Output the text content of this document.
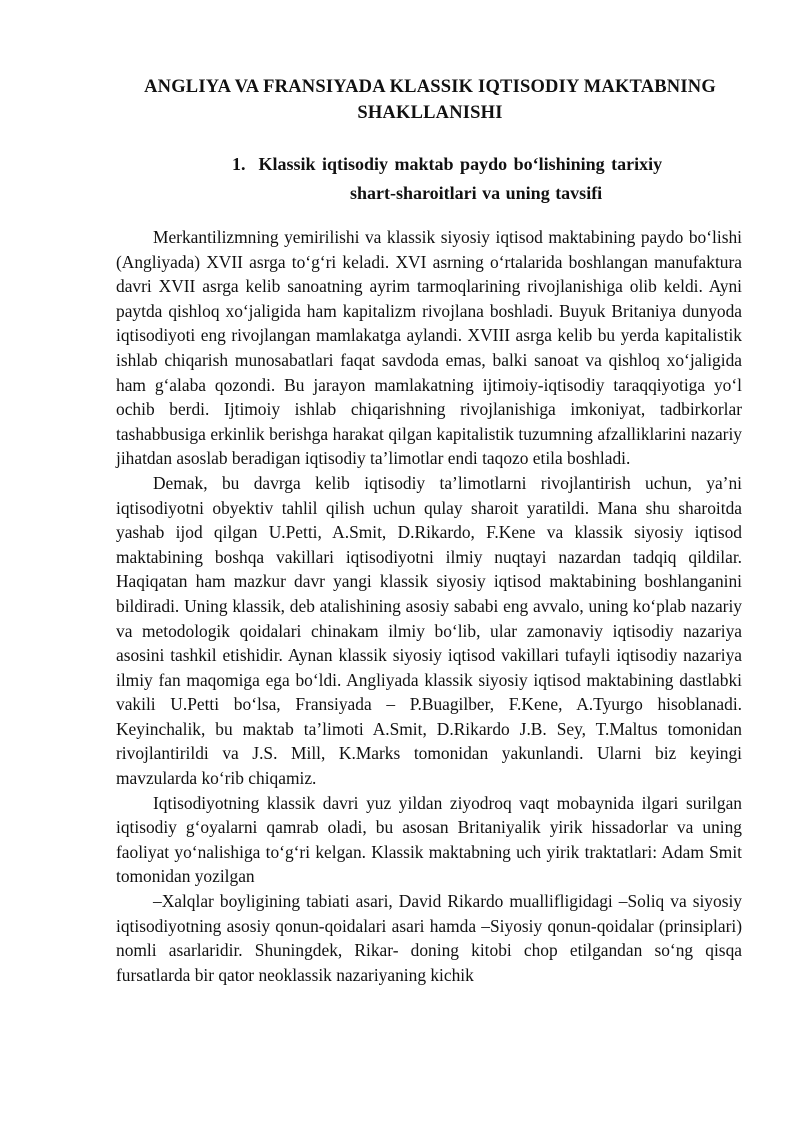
ANGLIYA VA FRANSIYADA KLASSIK IQTISODIY MAKTABNING SHAKLLANISHI
1. Klassik iqtisodiy maktab paydo bo‘lishining tarixiy
shart-sharoitlari va uning tavsifi

Merkantilizmning yemirilishi va klassik siyosiy iqtisod maktabining paydo bo‘lishi (Angliyada) XVII asrga to‘g‘ri keladi. XVI asrning o‘rtalarida boshlangan manufaktura davri XVII asrga kelib sanoatning ayrim tarmoqlarining rivojlanishiga olib keldi. Ayni paytda qishloq xo‘jaligida ham kapitalizm rivojlana boshladi. Buyuk Britaniya dunyoda iqtisodiyoti eng rivojlangan mamlakatga aylandi. XVIII asrga kelib bu yerda kapitalistik ishlab chiqarish munosabatlari faqat savdoda emas, balki sanoat va qishloq xo‘jaligida ham g‘alaba qozondi. Bu jarayon mamlakatning ijtimoiy-iqtisodiy taraqqiyotiga yo‘l ochib berdi. Ijtimoiy ishlab chiqarishning rivojlanishiga imkoniyat, tadbirkorlar tashabbusiga erkinlik berishga harakat qilgan kapitalistik tuzumning afzalliklarini nazariy jihatdan asoslab beradigan iqtisodiy ta’limotlar endi taqozo etila boshladi.

Demak, bu davrga kelib iqtisodiy ta’limotlarni rivojlantirish uchun, ya’ni iqtisodiyotni obyektiv tahlil qilish uchun qulay sharoit yaratildi. Mana shu sharoitda yashab ijod qilgan U.Petti, A.Smit, D.Rikardo, F.Kene va klassik siyosiy iqtisod maktabining boshqa vakillari iqtisodiyotni ilmiy nuqtayi nazardan tadqiq qildilar. Haqiqatan ham mazkur davr yangi klassik siyosiy iqtisod maktabining boshlanganini bildiradi. Uning klassik, deb atalishining asosiy sababi eng avvalo, uning ko‘plab nazariy va metodologik qoidalari chinakam ilmiy bo‘lib, ular zamonaviy iqtisodiy nazariya asosini tashkil etishidir. Aynan klassik siyosiy iqtisod vakillari tufayli iqtisodiy nazariya ilmiy fan maqomiga ega bo‘ldi. Angliyada klassik siyosiy iqtisod maktabining dastlabki vakili U.Petti bo‘lsa, Fransiyada – P.Buagilber, F.Kene, A.Tyurgo hisoblanadi. Keyinchalik, bu maktab ta’limoti A.Smit, D.Rikardo J.B. Sey, T.Maltus tomonidan rivojlantirildi va J.S. Mill, K.Marks tomonidan yakunlandi. Ularni biz keyingi mavzularda ko‘rib chiqamiz.

Iqtisodiyotning klassik davri yuz yildan ziyodroq vaqt mobaynida ilgari surilgan iqtisodiy g‘oyalarni qamrab oladi, bu asosan Britaniyalik yirik hissadorlar va uning faoliyat yo‘nalishiga to‘g‘ri kelgan. Klassik maktabning uch yirik traktatlari: Adam Smit tomonidan yozilgan

–Xalqlar boyligining tabiati asari, David Rikardo muallifligidagi –Soliq va siyosiy iqtisodiyotning asosiy qonun-qoidalari asari hamda –Siyosiy qonun-qoidalar (prinsiplari) nomli asarlaridir. Shuningdek, Rikar- doning kitobi chop etilgandan so‘ng qisqa fursatlarda bir qator neoklassik nazariyaning kichik
